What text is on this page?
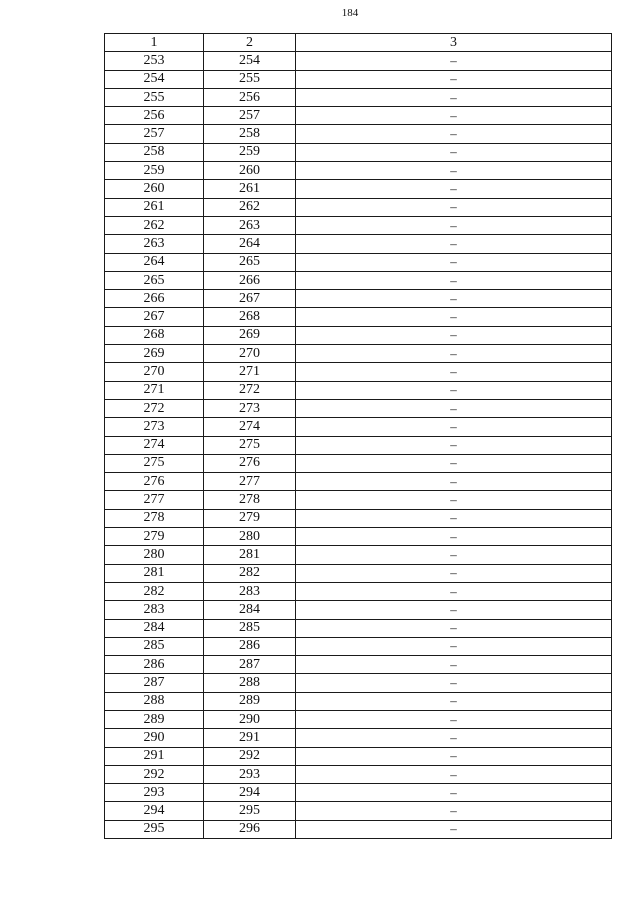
184
1	2	3
253	254	–
254	255	–
255	256	–
256	257	–
257	258	–
258	259	–
259	260	–
260	261	–
261	262	–
262	263	–
263	264	–
264	265	–
265	266	–
266	267	–
267	268	–
268	269	–
269	270	–
270	271	–
271	272	–
272	273	–
273	274	–
274	275	–
275	276	–
276	277	–
277	278	–
278	279	–
279	280	–
280	281	–
281	282	–
282	283	–
283	284	–
284	285	–
285	286	–
286	287	–
287	288	–
288	289	–
289	290	–
290	291	–
291	292	–
292	293	–
293	294	–
294	295	–
295	296	–
